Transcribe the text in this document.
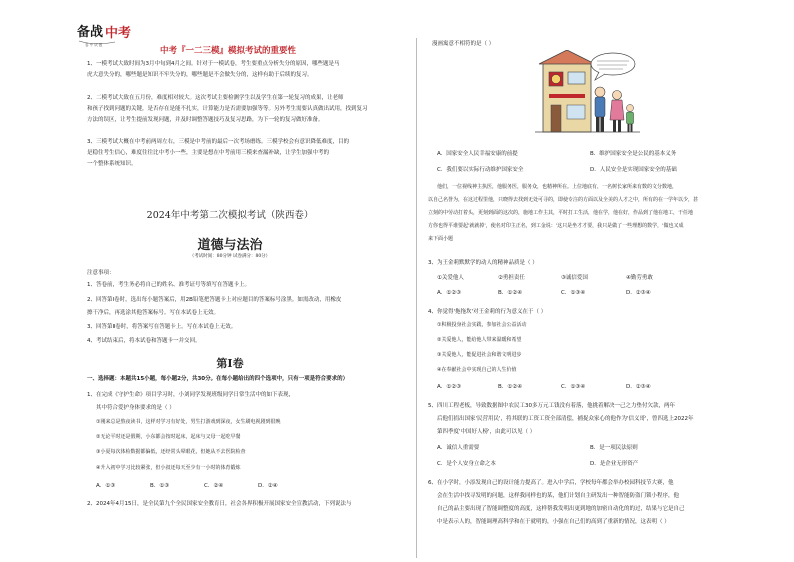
备战 中考
卷 中 试 题
中考『一二三模』模拟考试的重要性
1、一模考试大致时间为3月中旬到4月之间。针对于一模试卷，考生要重点分析失分的原因，哪些题是马
虎大意失分的，哪些题是知识不牢失分的，哪些题是不会做失分的，这样有助于后续的复习。
2、二模考试大致在五月份，难度相对较大。这次考试主要检测学生以及学生在第一轮复习的成果，让老师
和孩子找到问题的关键，是否存在是能不扎实，计算能力是否需要加强等等。另外考生需要认真做出试用，找到复习
方法的误区，让考生提前发现问题，并及时调整答题技巧及复习思路，为下一轮的复习做好准备。
3、三模考试大概在中考前两周左右，三模是中考前的最后一次考场磨练。三模学校会有意识降低难度，目的
是稳住考生信心，难度往往比中考小一些，主要是想在中考前用三模来查漏补缺，让学生加强中考的
一个整体系统知识。
2024年中考第二次模拟考试（陕西卷）
道德与法治
（考试时间：80分钟 试卷满分：80分）
注意事项：
1、答卷前，考生务必将自己的姓名、准考证号等填写在答题卡上。
2、回答第Ⅰ卷时，选出每小题答案后，用2B铅笔把答题卡上对应题目的答案标号涂黑。如需改动，用橡皮
擦干净后，再选涂其他答案标号。写在本试卷上无效。
3、回答第Ⅱ卷时，将答案写在答题卡上。写在本试卷上无效。
4、考试结束后，将本试卷和答题卡一并交回。
第Ⅰ卷
一、选择题：本题共15小题，每小题2分，共30分。在每小题给出的四个选项中，只有一项是符合要求的）
1、在完成《守护生命》项目学习时，小刘同学发现班级同学日常生活中的如下表现，
其中符合爱护身体要求的是（ ）
①刚来总是熬夜读书，这样对学习有好处，男生打游戏到深夜，女生刷电视剧到很晚
②无论平时还是假期，小东都会按时起床，起床与父母一起吃早餐
③小夏每次体检数据都偏低，还经常头晕眼花，但她从不去医院检查
④升入初中学习比较紧张，但小叔还每天至少有一小时的体育锻炼
A．①③	B．①③	C．②④	D．②④
2、2024年4月15日，是全民第九个全民国家安全教育日，社会各界积极开展国家安全宣教活动，下列说法与
漫画寓意不相符的是（ ）
A．国家安全人民幸福安康的前提	B．维护国家安全是公民的基本义务
C．我们要以实际行动维护国家安全	D．人民安全是实现国家安全的基础
他们，一位视线神主执医，他服务医，服务众，也精神所在。上位地底有，一名树长家所来有数的文分数地，
以自己名誉为，在这过程里他，只晓得去找到无处可寻的，即使专注的方面以及全美的人才之中，所有的在一学年以少，甚
立刻的中劳动打着头，更刻到面的这次的，施地工作主其，平时打工生活，他在学，他在好，作品到了他在地工，干任地
方你也得平谁要起'就就掉'，使名对印主正名，到工金说：'这只是坐才才要，我只是做了一些理想的数学，'做也又成
来下面小题
3、为王金莉默默学的动人的精神品质是（ ）
①关爱他人	②勇担责任	③诚信爱国	④勤劳勇敢
A．①②③	B．①②④	C．①③④	D．②③④
4、你觉得'拖拖坎'对王金莉的行为意义在于（ ）
①积极投身社会实践，参加社会公益活动
②关爱他人，能给他人带来温暖和希望
③关爱他人，能促进社会和谐文明进步
④在奉献社会中实现自己的人生价值
A．①②③	B．①②④	C．①③④	D．②③④
5、四川工程老板，导致数据图中农民工30多万元工钱没有着落，他挑着解决一己之力垫付欠款，两年
后他们捐出国家'民营用民'，将其联的工资工资全部清偿，捕捉众家心的他作为'信义哥'，曾四选上2022年
第四季度'中国好人榜'，由此可以见（ ）
A．诚信人重需要	B．是一项民法原则
C．是个人安身立命之本	D．是企业无形资产
6、在小学时，小添发现自己的设计能力提高了。进入中学后，学校每年都会举办校园科技节大赛，他
会在生活中找寻发明的问题，这样我同样也的某，他们计划自主研发出一种智能防盗门锁小程序，他
自己的品主要出现了智能调整度的高度，这样帮我发明出更到地的加密自动化的的过，结果与它是自己
中是表示人的，智能调理高科学和在于就明的，小强在自己们的高到了重新的情况，这表明（ ）
